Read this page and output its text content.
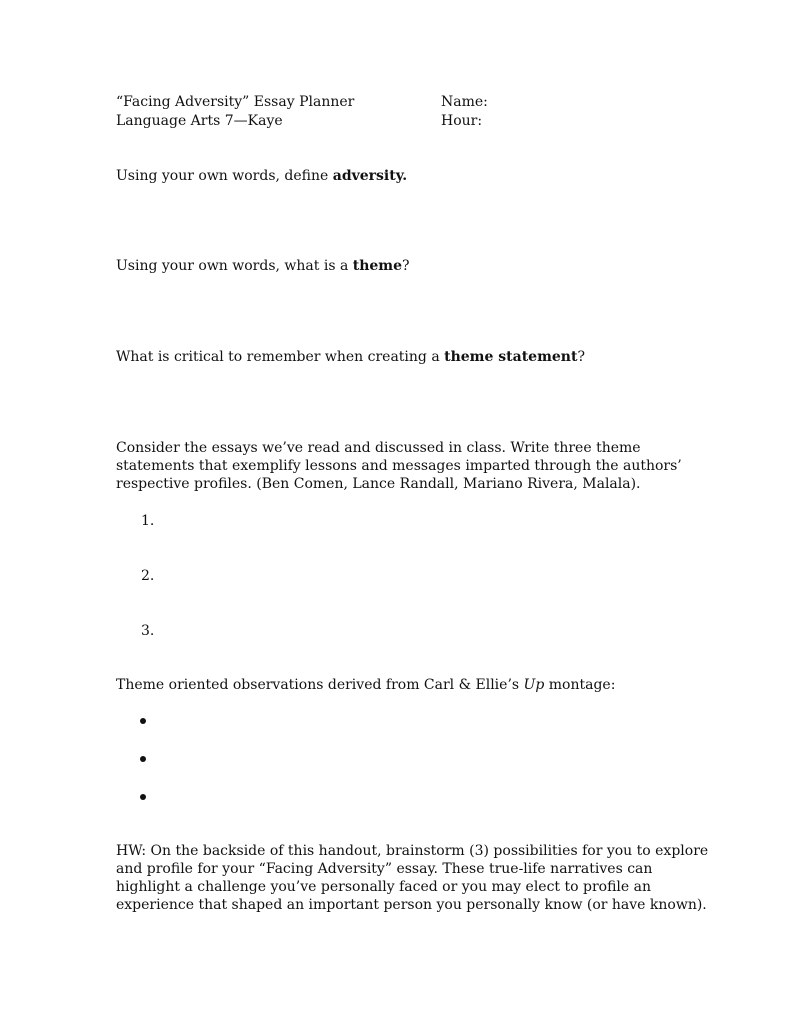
“Facing Adversity” Essay Planner
Language Arts 7—Kaye
Name:
Hour:
Using your own words, define adversity.
Using your own words, what is a theme?
What is critical to remember when creating a theme statement?
Consider the essays we’ve read and discussed in class. Write three theme
statements that exemplify lessons and messages imparted through the authors’
respective profiles. (Ben Comen, Lance Randall, Mariano Rivera, Malala).
1.
2.
3.
Theme oriented observations derived from Carl & Ellie’s Up montage:
HW: On the backside of this handout, brainstorm (3) possibilities for you to explore
and profile for your “Facing Adversity” essay. These true-life narratives can
highlight a challenge you’ve personally faced or you may elect to profile an
experience that shaped an important person you personally know (or have known).
